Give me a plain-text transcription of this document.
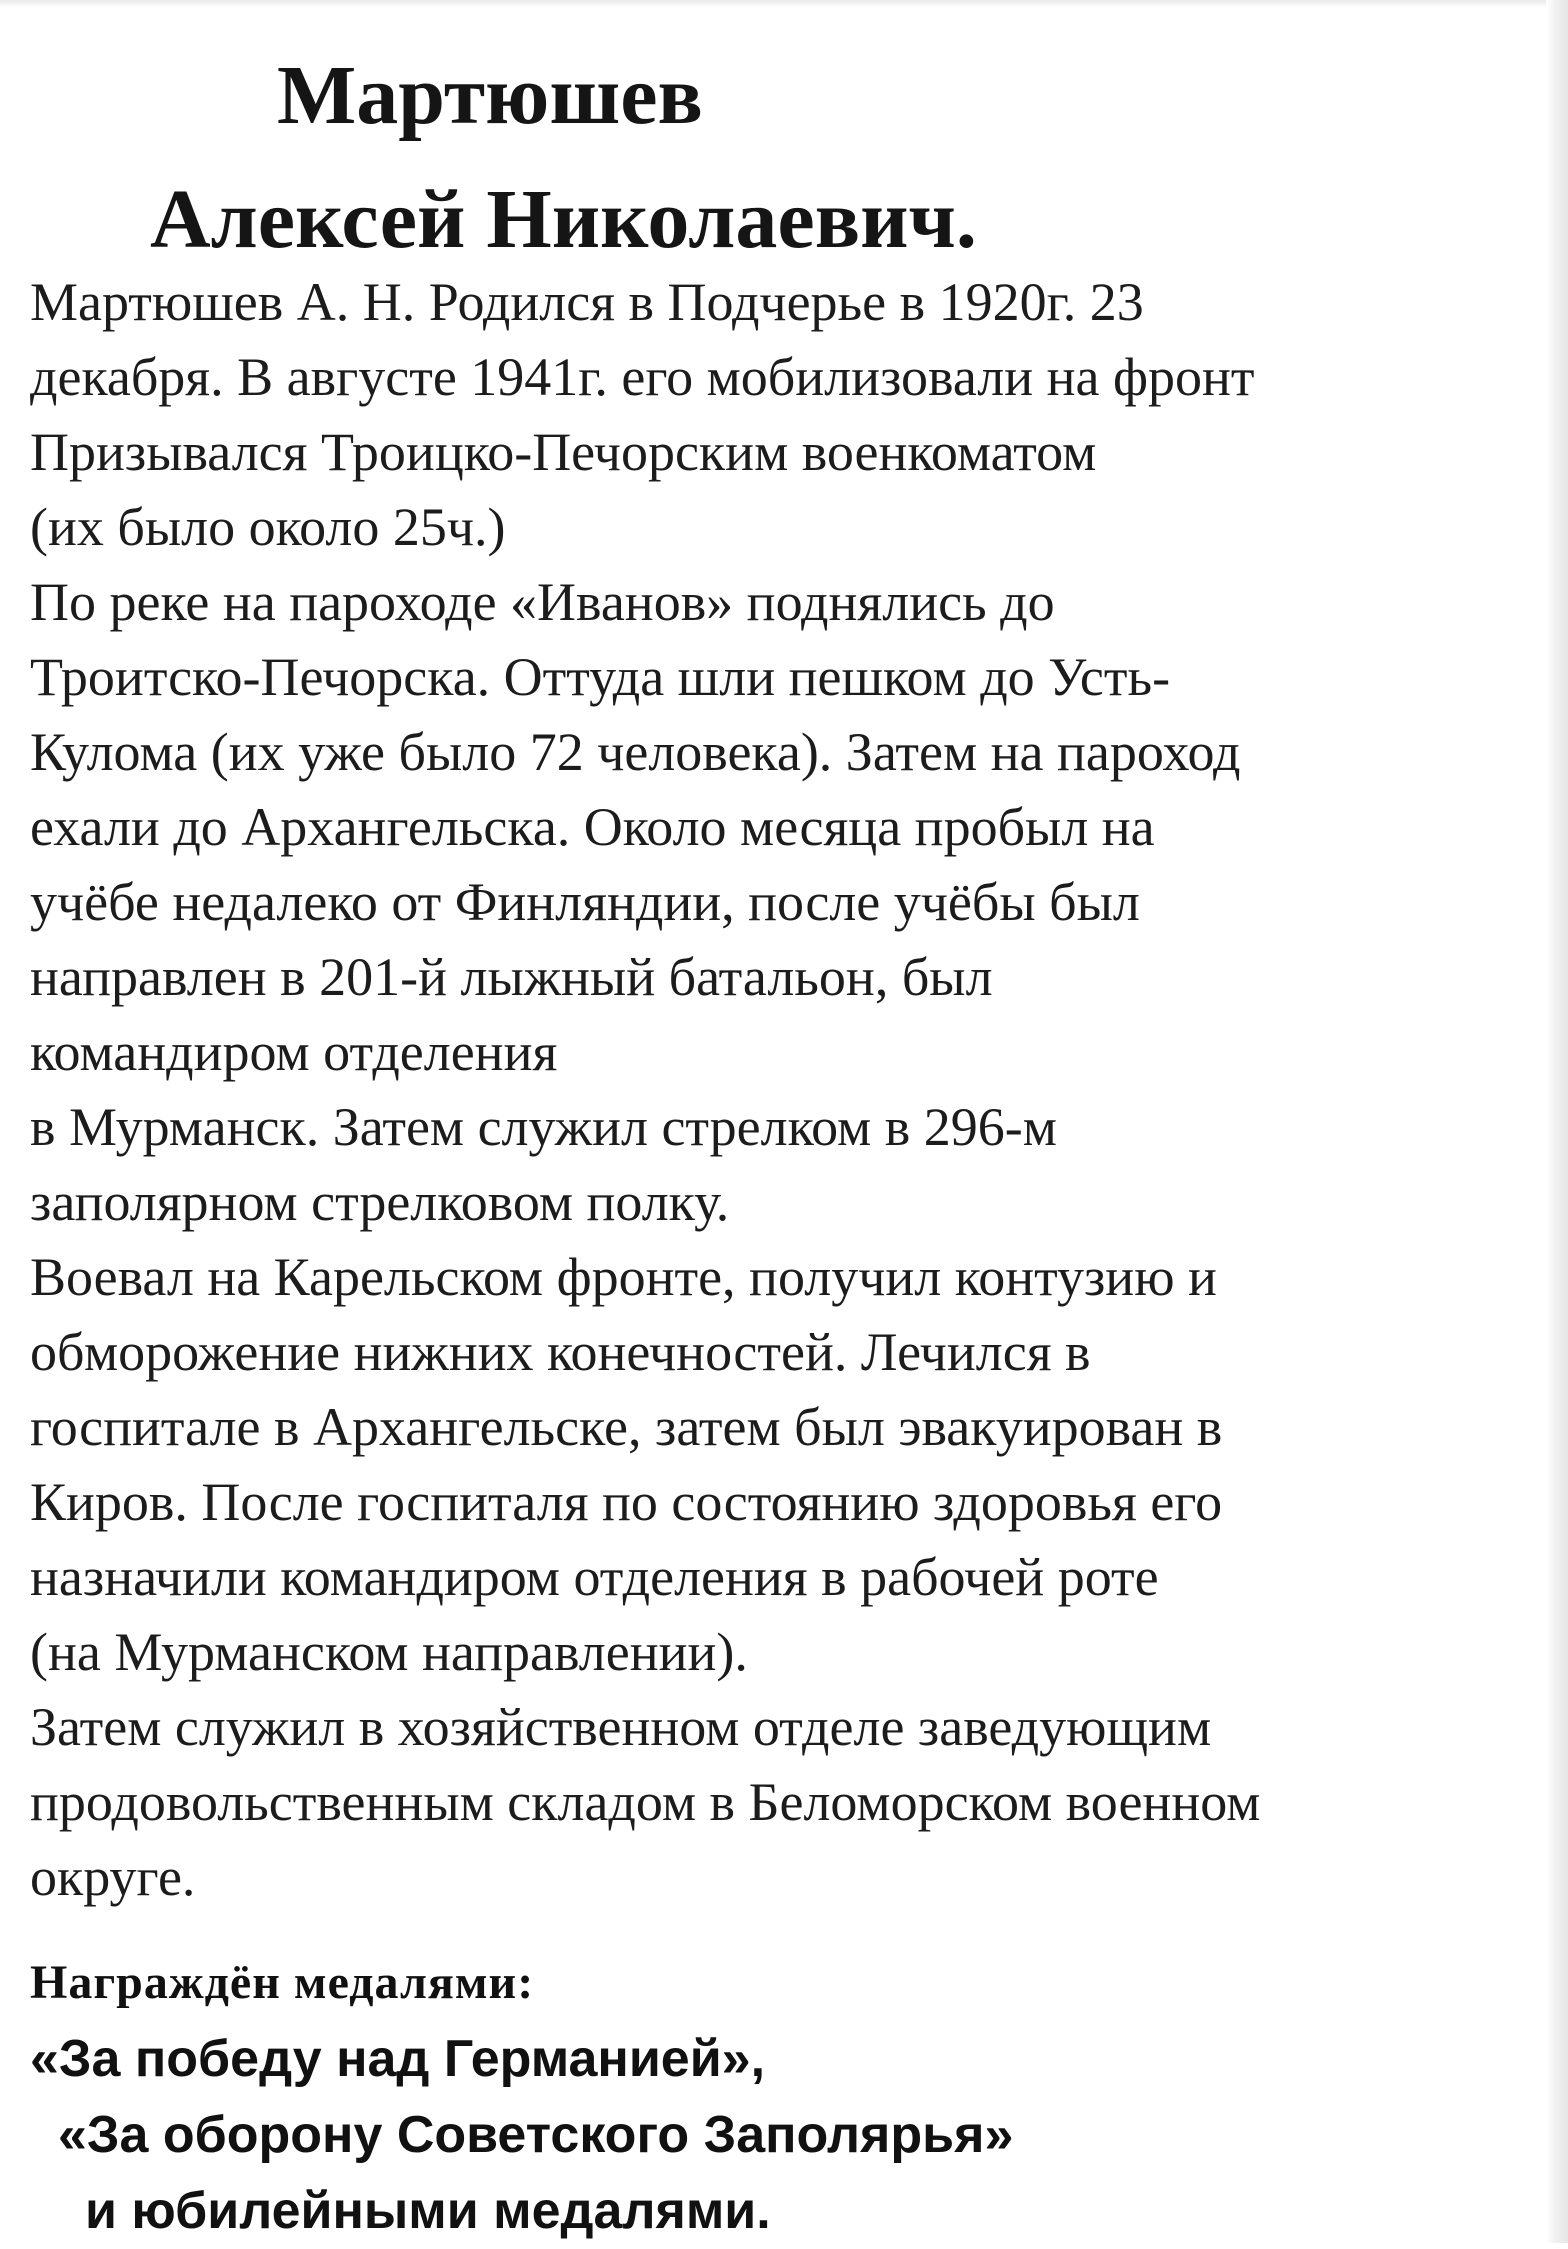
Мартюшев
Алексей Николаевич.
Мартюшев А. Н. Родился в Подчерье в 1920г. 23
декабря. В августе 1941г. его мобилизовали на фронт
Призывался Троицко-Печорским военкоматом
(их было около 25ч.)
По реке на пароходе «Иванов» поднялись до
Троитско-Печорска. Оттуда шли пешком до Усть-
Кулома (их уже было 72 человека). Затем на пароход
ехали до Архангельска. Около месяца пробыл на
учёбе недалеко от Финляндии, после учёбы был
направлен в 201-й лыжный батальон, был
командиром отделения
в Мурманск. Затем служил стрелком в 296-м
заполярном стрелковом полку.
Воевал на Карельском фронте, получил контузию и
обморожение нижних конечностей. Лечился в
госпитале в Архангельске, затем был эвакуирован в
Киров. После госпиталя по состоянию здоровья его
назначили командиром отделения в рабочей роте
(на Мурманском направлении).
Затем служил в хозяйственном отделе заведующим
продовольственным складом в Беломорском военном
округе.
Награждён медалями:
«За победу над Германией»,
«За оборону Советского Заполярья»
и юбилейными медалями.
